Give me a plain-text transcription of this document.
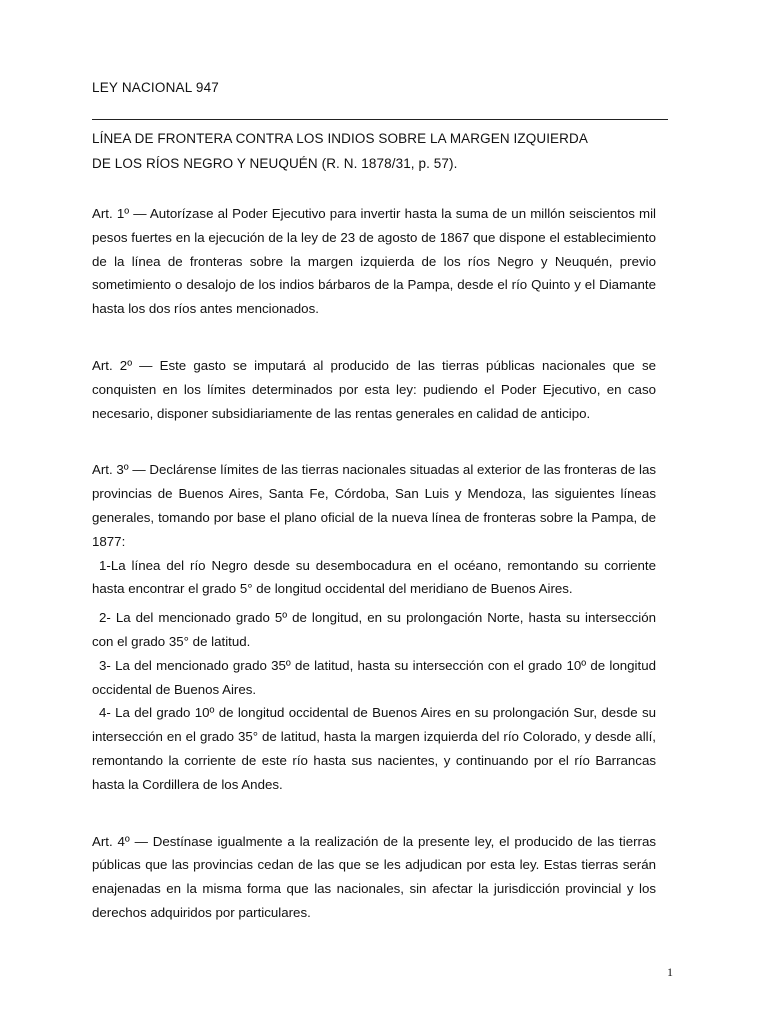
LEY NACIONAL 947
LÍNEA DE FRONTERA CONTRA LOS INDIOS SOBRE LA MARGEN IZQUIERDA
DE LOS RÍOS NEGRO Y NEUQUÉN (R. N. 1878/31, p. 57).

Art. 1º — Autorízase al Poder Ejecutivo para invertir hasta la suma de un millón seiscientos mil pesos fuertes en la ejecución de la ley de 23 de agosto de 1867 que dispone el establecimiento de la línea de fronteras sobre la margen izquierda de los ríos Negro y Neuquén, previo sometimiento o desalojo de los indios bárbaros de la Pampa, desde el río Quinto y el Diamante hasta los dos ríos antes mencionados.

Art. 2º — Este gasto se imputará al producido de las tierras públicas nacionales que se conquisten en los límites determinados por esta ley: pudiendo el Poder Ejecutivo, en caso necesario, disponer subsidiariamente de las rentas generales en calidad de anticipo.

Art. 3º — Declárense límites de las tierras nacionales situadas al exterior de las fronteras de las provincias de Buenos Aires, Santa Fe, Córdoba, San Luis y Mendoza, las siguientes líneas generales, tomando por base el plano oficial de la nueva línea de fronteras sobre la Pampa, de 1877:

1-La línea del río Negro desde su desembocadura en el océano, remontando su corriente hasta encontrar el grado 5° de longitud occidental del meridiano de Buenos Aires.

2- La del mencionado grado 5º de longitud, en su prolongación Norte, hasta su intersección con el grado 35° de latitud.

3- La del mencionado grado 35º de latitud, hasta su intersección con el grado 10º de longitud occidental de Buenos Aires.

4- La del grado 10º de longitud occidental de Buenos Aires en su prolongación Sur, desde su intersección en el grado 35° de latitud, hasta la margen izquierda del río Colorado, y desde allí, remontando la corriente de este río hasta sus nacientes, y continuando por el río Barrancas hasta la Cordillera de los Andes.

Art. 4º — Destínase igualmente a la realización de la presente ley, el producido de las tierras públicas que las provincias cedan de las que se les adjudican por esta ley. Estas tierras serán enajenadas en la misma forma que las nacionales, sin afectar la jurisdicción provincial y los derechos adquiridos por particulares.

1
